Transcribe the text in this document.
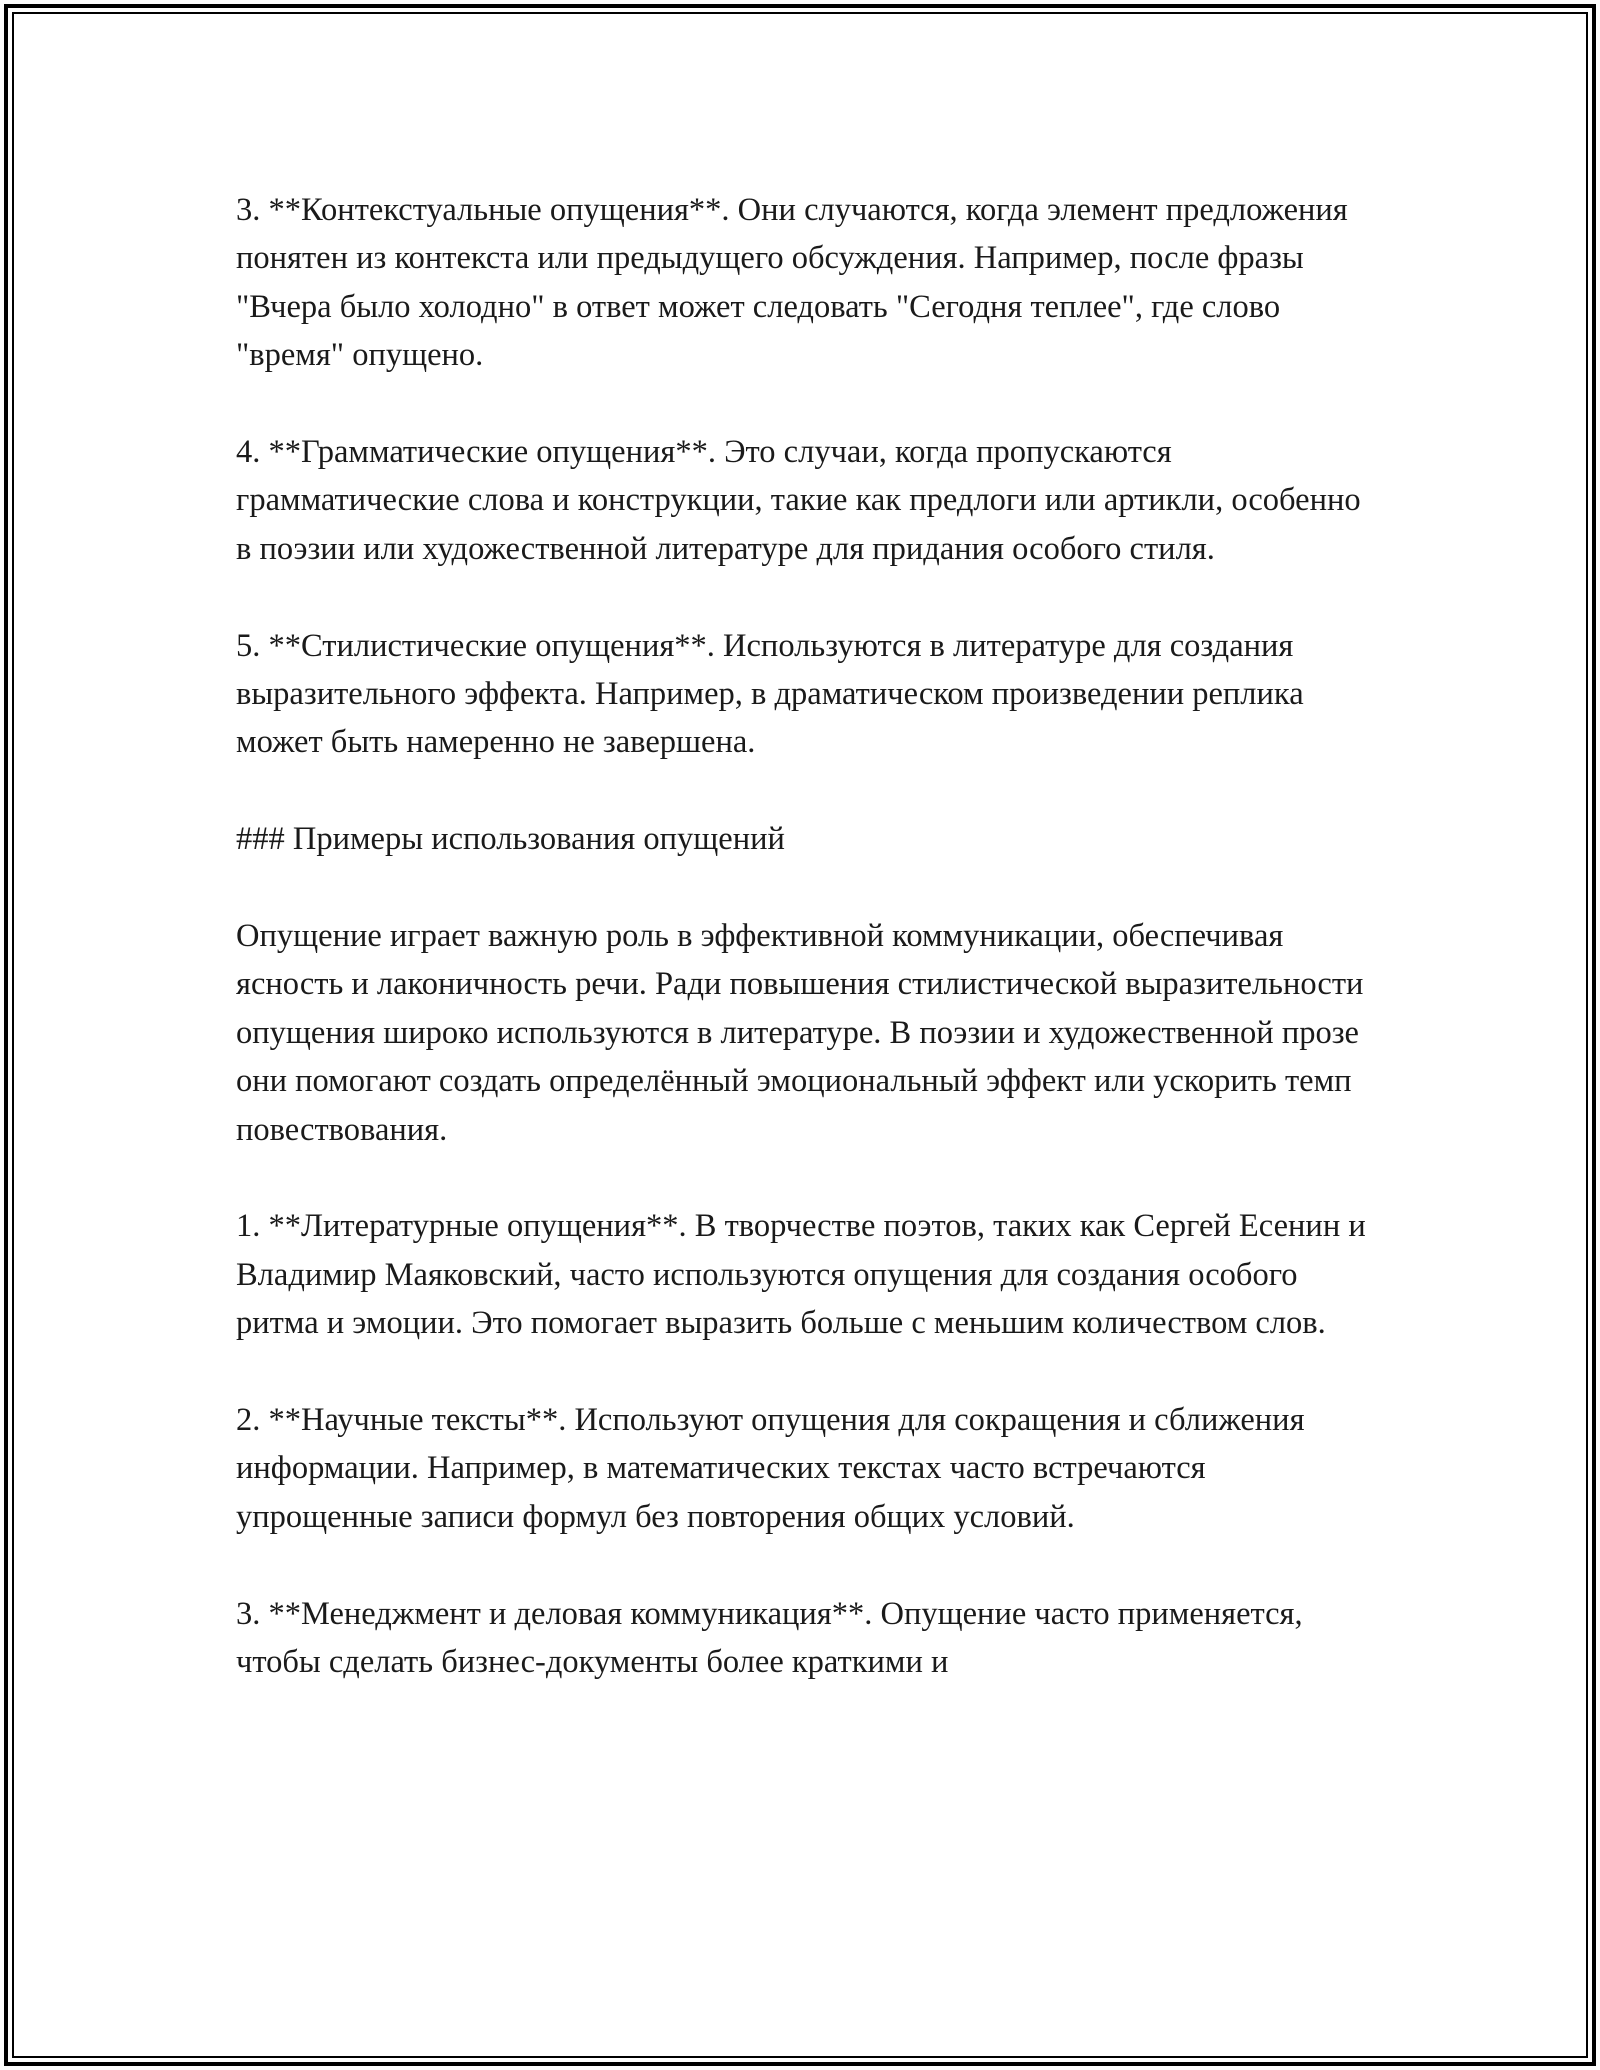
3. **Контекстуальные опущения**. Они случаются, когда элемент предложения понятен из контекста или предыдущего обсуждения. Например, после фразы "Вчера было холодно" в ответ может следовать "Сегодня теплее", где слово "время" опущено.

4. **Грамматические опущения**. Это случаи, когда пропускаются грамматические слова и конструкции, такие как предлоги или артикли, особенно в поэзии или художественной литературе для придания особого стиля.

5. **Стилистические опущения**. Используются в литературе для создания выразительного эффекта. Например, в драматическом произведении реплика может быть намеренно не завершена.

### Примеры использования опущений

Опущение играет важную роль в эффективной коммуникации, обеспечивая ясность и лаконичность речи. Ради повышения стилистической выразительности опущения широко используются в литературе. В поэзии и художественной прозе они помогают создать определённый эмоциональный эффект или ускорить темп повествования.

1. **Литературные опущения**. В творчестве поэтов, таких как Сергей Есенин и Владимир Маяковский, часто используются опущения для создания особого ритма и эмоции. Это помогает выразить больше с меньшим количеством слов.

2. **Научные тексты**. Используют опущения для сокращения и сближения информации. Например, в математических текстах часто встречаются упрощенные записи формул без повторения общих условий.

3. **Менеджмент и деловая коммуникация**. Опущение часто применяется, чтобы сделать бизнес-документы более краткими и
